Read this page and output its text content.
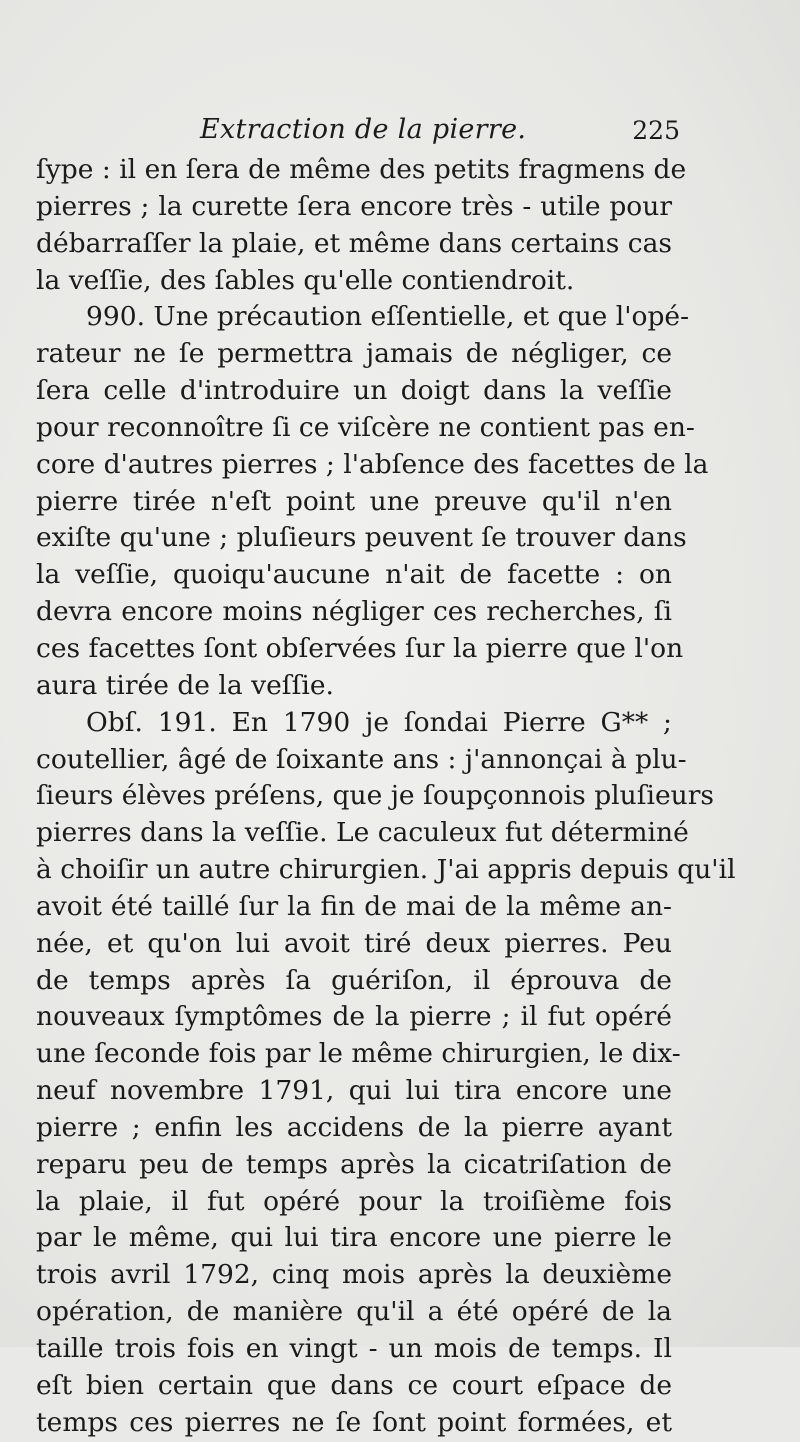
Extraction de la pierre.	225
ſype : il en ſera de même des petits fragmens de
pierres ; la curette ſera encore très - utile pour
débarraſſer la plaie, et même dans certains cas
la veſſie, des ſables qu'elle contiendroit.
990. Une précaution eſſentielle, et que l'opé-
rateur ne ſe permettra jamais de négliger, ce
ſera celle d'introduire un doigt dans la veſſie
pour reconnoître ſi ce viſcère ne contient pas en-
core d'autres pierres ; l'abſence des facettes de la
pierre tirée n'eſt point une preuve qu'il n'en
exiſte qu'une ; pluſieurs peuvent ſe trouver dans
la veſſie, quoiqu'aucune n'ait de facette : on
devra encore moins négliger ces recherches, ſi
ces facettes ſont obſervées ſur la pierre que l'on
aura tirée de la veſſie.
Obſ. 191. En 1790 je ſondai Pierre G** ;
coutellier, âgé de ſoixante ans : j'annonçai à plu-
ſieurs élèves préſens, que je ſoupçonnois pluſieurs
pierres dans la veſſie. Le caculeux fut déterminé
à choiſir un autre chirurgien. J'ai appris depuis qu'il
avoit été taillé ſur la fin de mai de la même an-
née, et qu'on lui avoit tiré deux pierres. Peu
de temps après ſa guériſon, il éprouva de
nouveaux ſymptômes de la pierre ; il fut opéré
une ſeconde fois par le même chirurgien, le dix-
neuf novembre 1791, qui lui tira encore une
pierre ; enfin les accidens de la pierre ayant
reparu peu de temps après la cicatriſation de
la plaie, il fut opéré pour la troiſième fois
par le même, qui lui tira encore une pierre le
trois avril 1792, cinq mois après la deuxième
opération, de manière qu'il a été opéré de la
taille trois fois en vingt - un mois de temps. Il
eſt bien certain que dans ce court eſpace de
temps ces pierres ne ſe ſont point formées, et
